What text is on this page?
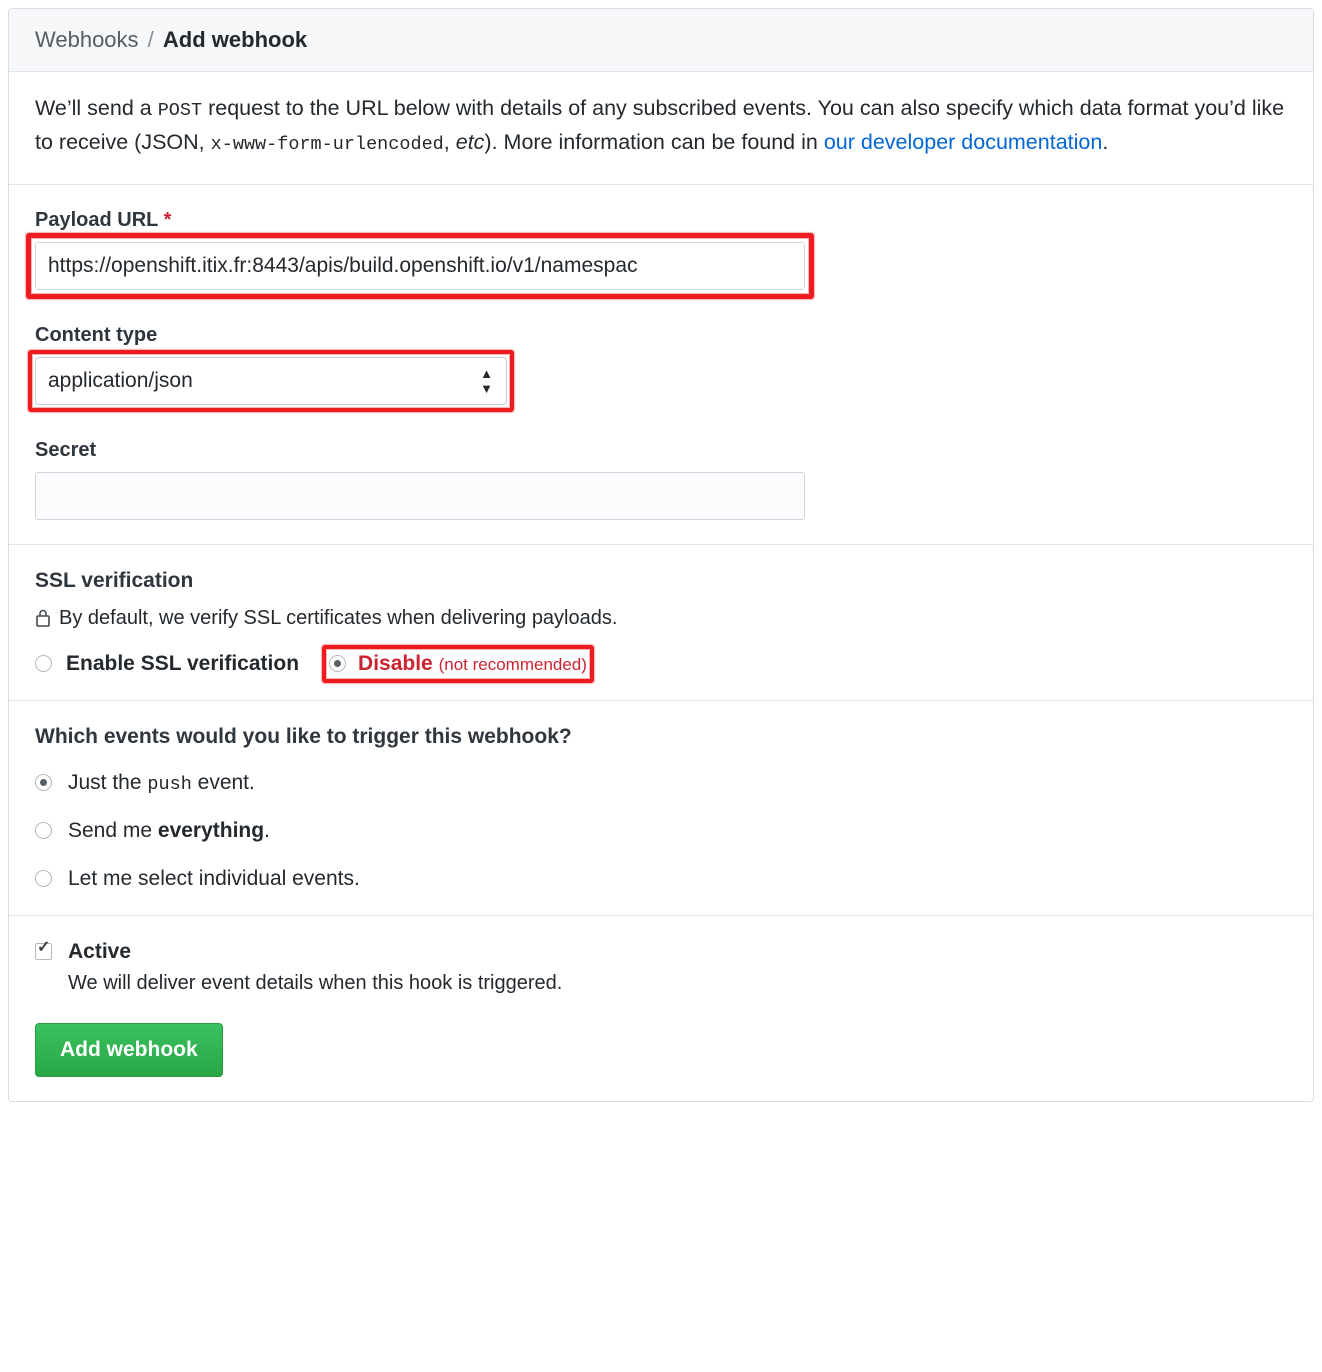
Webhooks / Add webhook
We’ll send a POST request to the URL below with details of any subscribed events. You can also specify which data format you’d like to receive (JSON, x-www-form-urlencoded, etc). More information can be found in our developer documentation.
Payload URL *
https://openshift.itix.fr:8443/apis/build.openshift.io/v1/namespac
Content type
application/json
▲
▼
Secret
SSL verification
By default, we verify SSL certificates when delivering payloads.
Enable SSL verification	Disable (not recommended)
Which events would you like to trigger this webhook?
Just the push event.
Send me everything.
Let me select individual events.
✓
Active
We will deliver event details when this hook is triggered.
Add webhook
